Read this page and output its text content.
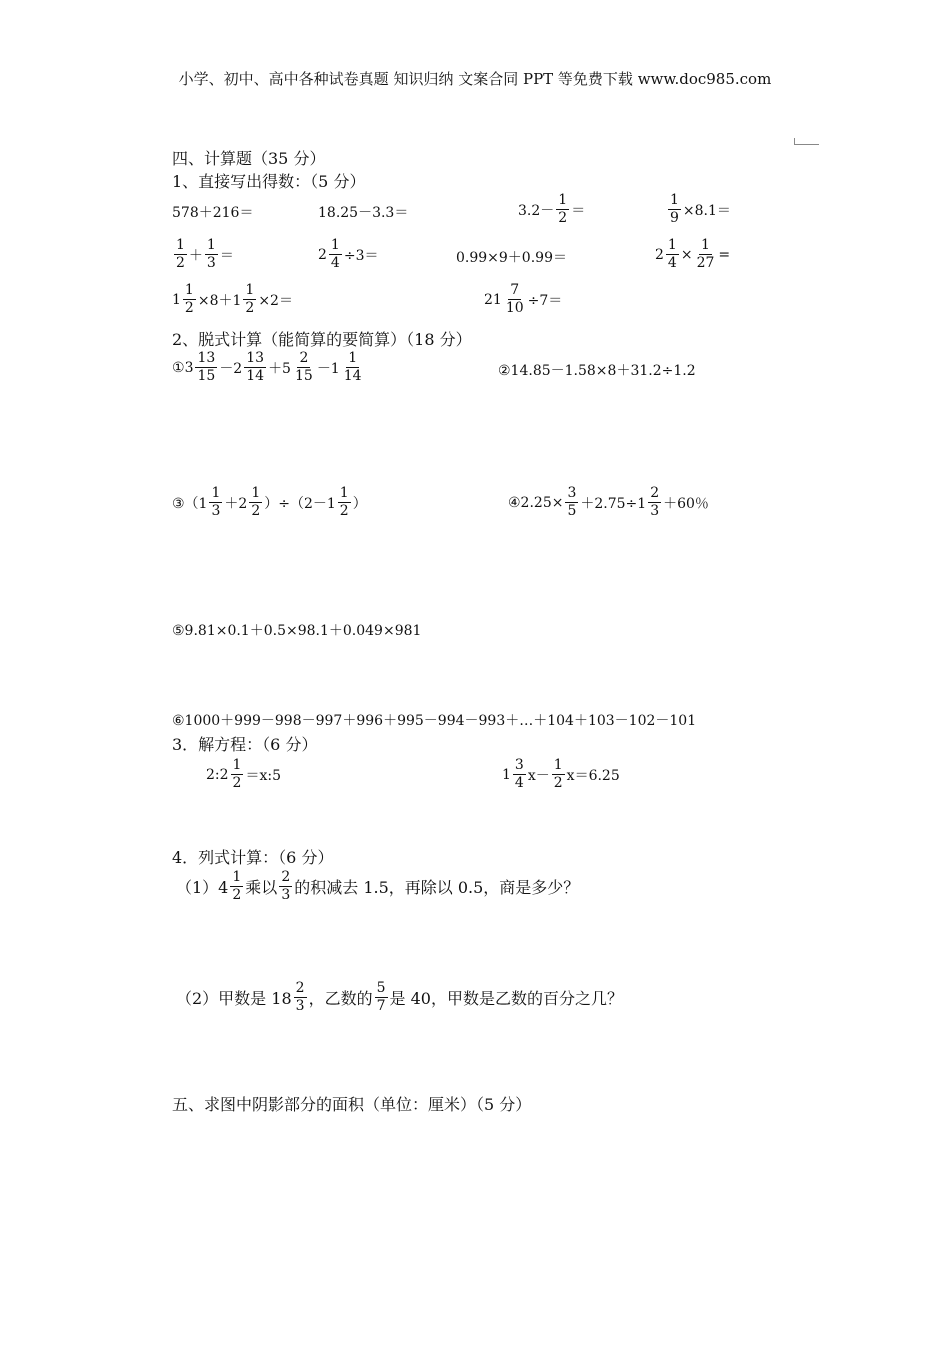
小学、初中、高中各种试卷真题 知识归纳 文案合同 PPT 等免费下载 www.doc985.com
四、计算题（35 分）
1、直接写出得数：（5 分）
578＋216＝	18.25－3.3＝	$3.2- \frac{1}{2}$ ＝	$\frac{1}{9} \times 8.1=$
$\frac{1}{2} + \frac{1}{3}$ ＝	$2 \frac{1}{4} \div 3=$	0.99×9＋0.99＝	$2 \frac{1}{4} \times \frac{1}{27}$ =
$1 \frac{1}{2} \times 8+1 \frac{1}{2} \times 2=$	$21 \frac{7}{10} \div 7=$
2、脱式计算（能简算的要简算）（18 分）
① $3 \frac{13}{15} -2 \frac{13}{14} +5 \frac{2}{15} -1 \frac{1}{14}$	②14.85－1.58×8＋31.2÷1.2
③（1 $\frac{1}{3} +2 \frac{1}{2} )\div(2-1 \frac{1}{2}$ ）	④2.25× $\frac{3}{5} +2.75\div 1 \frac{2}{3} +60$％
⑤9.81×0.1＋0.5×98.1＋0.049×981
⑥1000＋999－998－997＋996＋995－994－993＋…＋104＋103－102－101
3．解方程：（6 分）
2:2 $\frac{1}{2}$ ＝x:5	$1 \frac{3}{4} x- \frac{1}{2} x=6.25$
4．列式计算：（6 分）
$(1)4 \frac{1}{2}$ 乘以 $\frac{2}{3}$ 的积减去 1.5，再除以 0.5，商是多少？
（2）甲数是 $18 \frac{2}{3}$ ，乙数的 $\frac{5}{7}$ 是 40，甲数是乙数的百分之几？
五、求图中阴影部分的面积（单位：厘米）（5 分）
